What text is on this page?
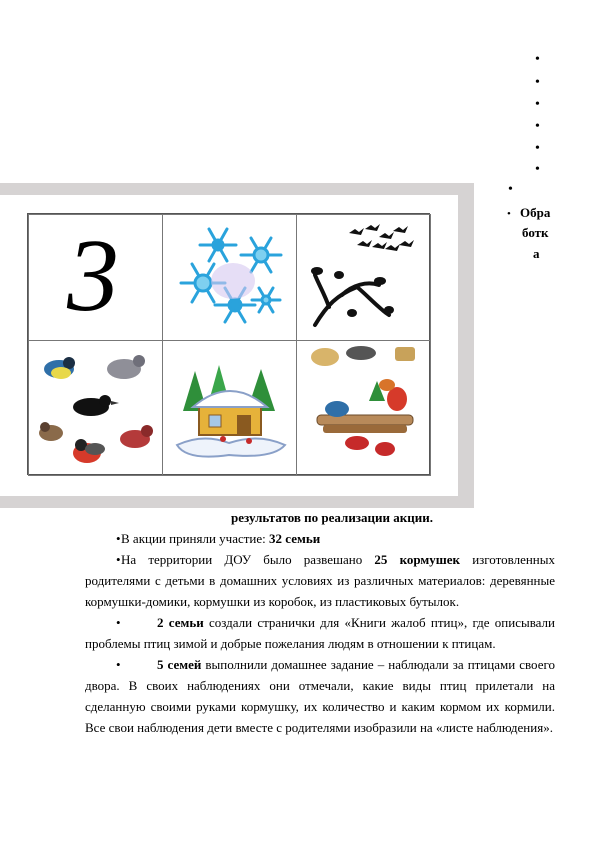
•
•
•
•
•
•
•
• Обра
ботк
а
3
результатов по реализации акции.

•В акции приняли участие: 32 семьи

•На территории ДОУ было развешано 25 кормушек изготовленных родителями с детьми в домашних условиях из различных материалов: деревянные кормушки-домики, кормушки из коробок, из пластиковых бутылок.

•	2 семьи создали странички для «Книги жалоб птиц», где описывали проблемы птиц зимой и добрые пожелания людям в отношении к птицам.

•	5 семей выполнили домашнее задание – наблюдали за птицами своего двора. В своих наблюдениях они отмечали, какие виды птиц прилетали на сделанную своими руками кормушку, их количество и каким кормом их кормили. Все свои наблюдения дети вместе с родителями изобразили на «листе наблюдения».
